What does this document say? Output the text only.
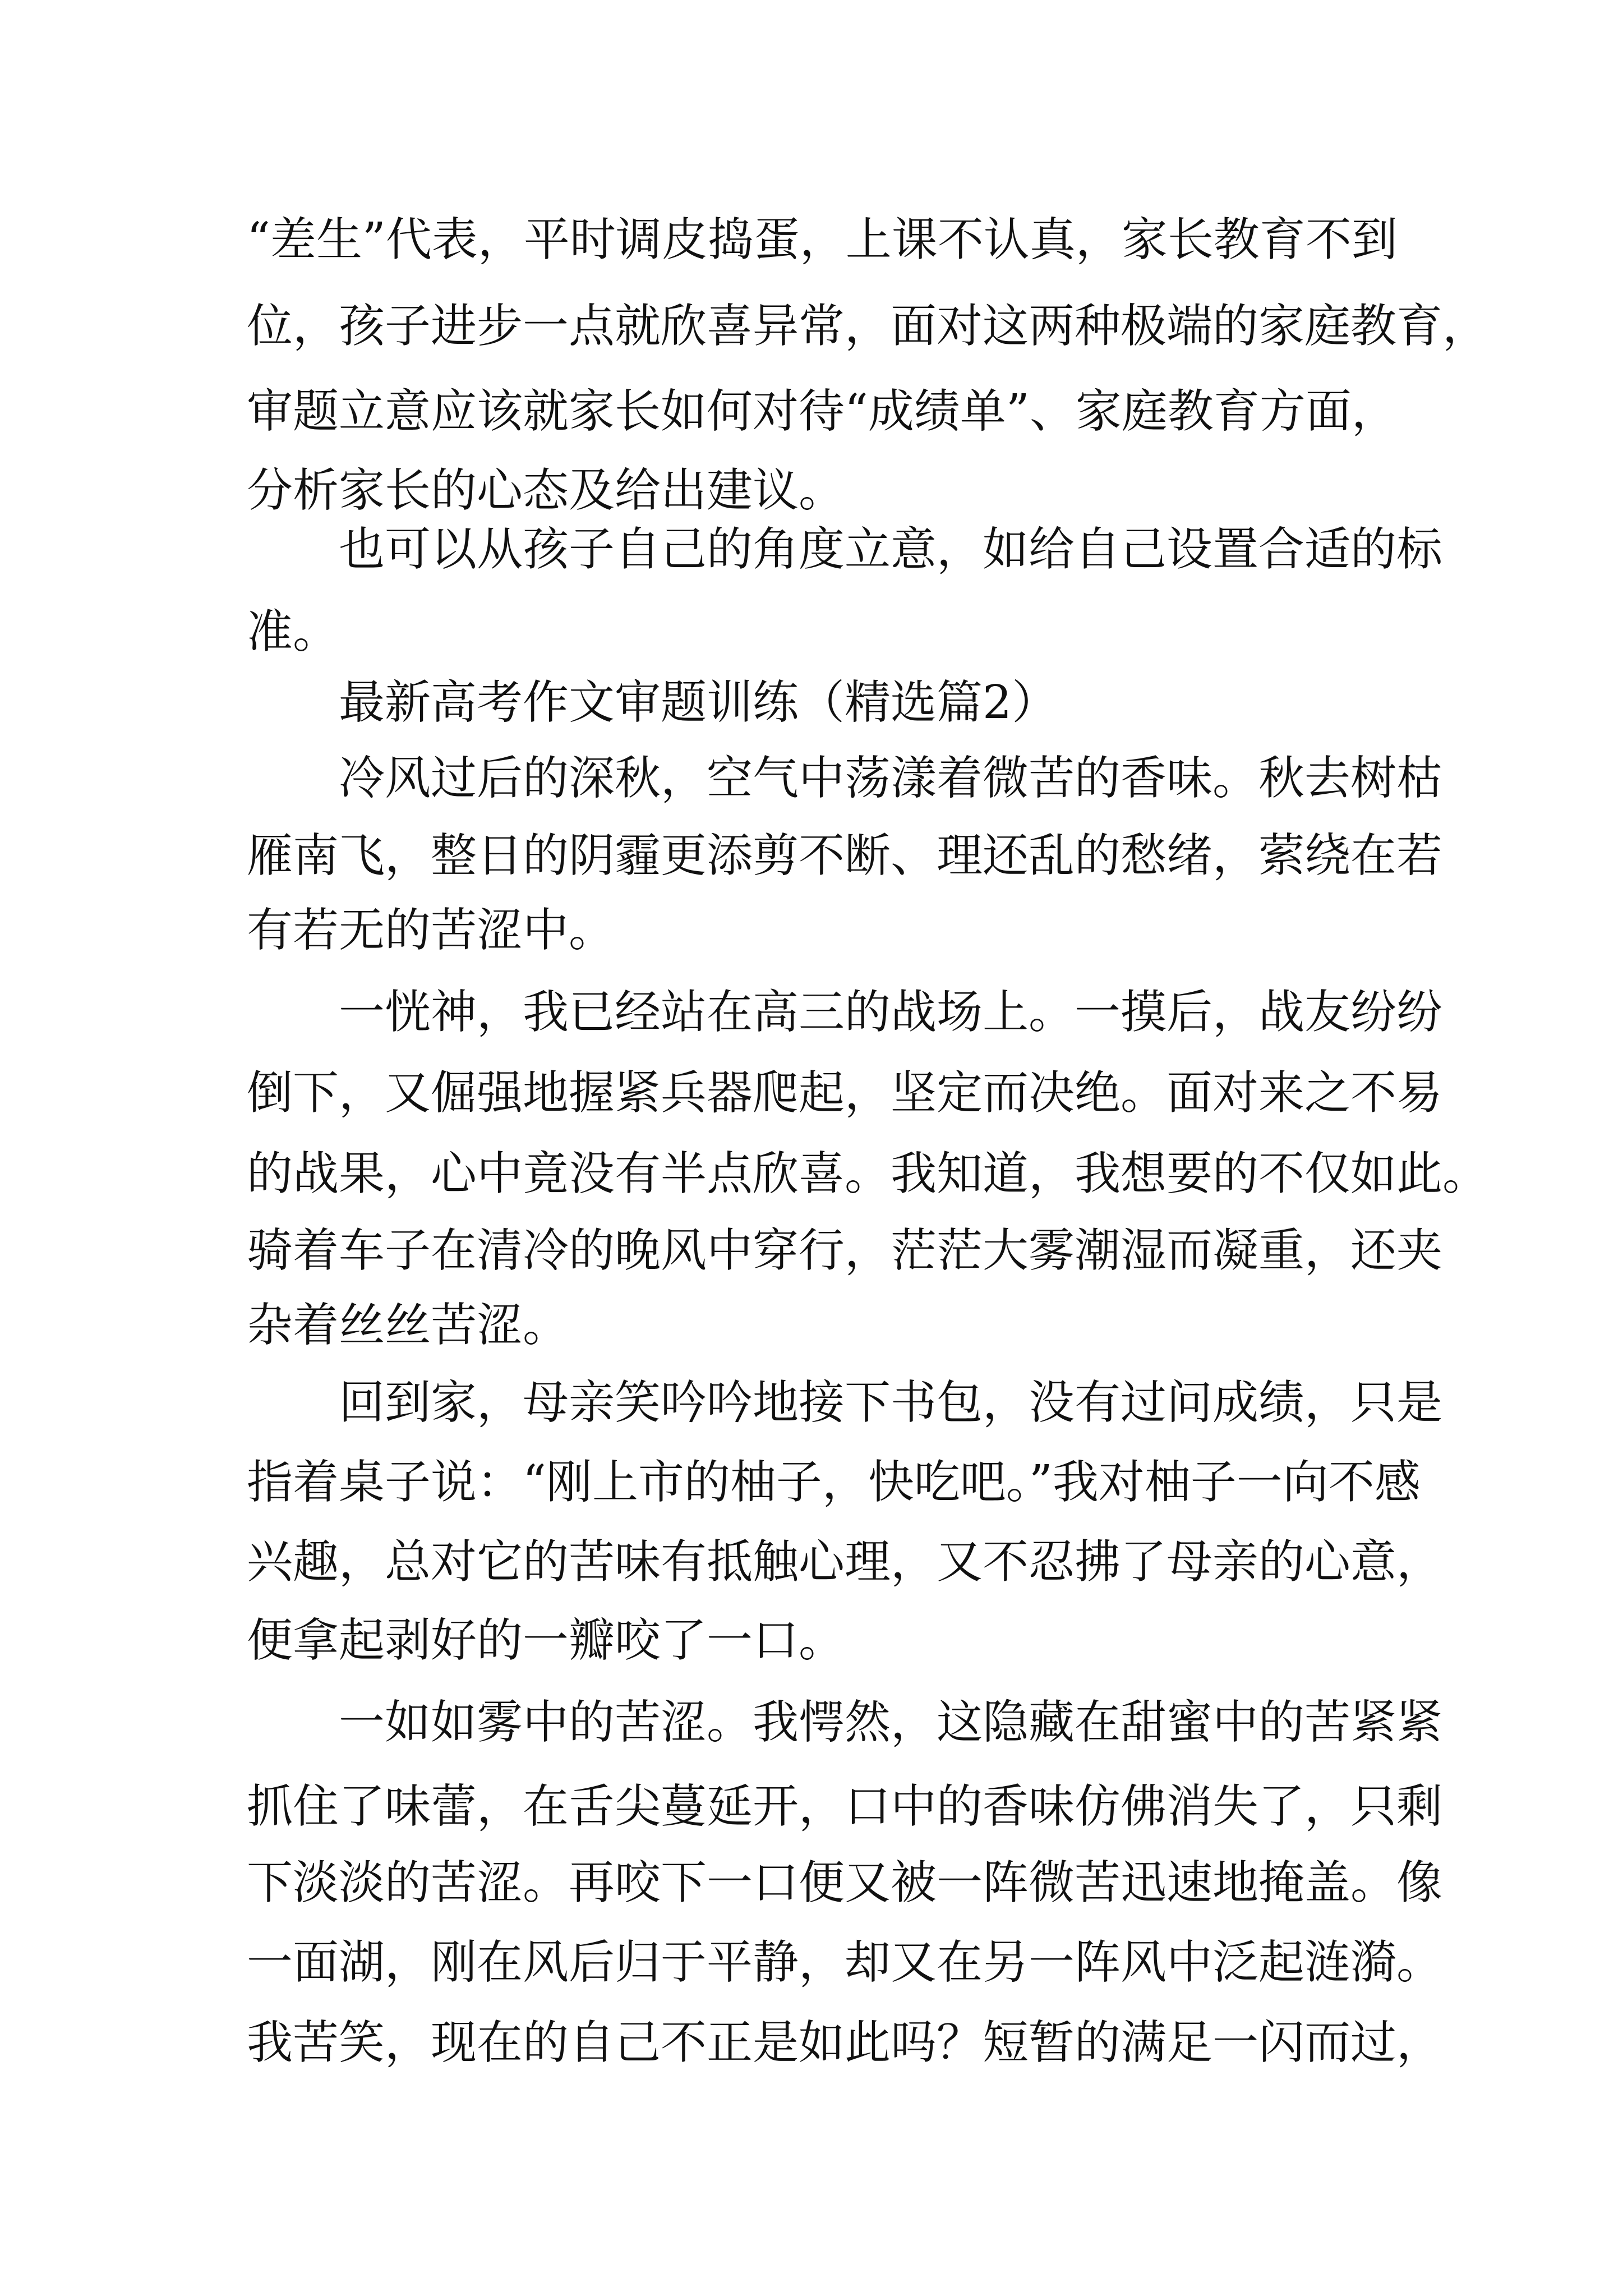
“差生”代表，平时调皮捣蛋，上课不认真，家长教育不到
位，孩子进步一点就欣喜异常，面对这两种极端的家庭教育，
审题立意应该就家长如何对待“成绩单”、家庭教育方面，
分析家长的心态及给出建议。
也可以从孩子自己的角度立意，如给自己设置合适的标
准。
最新高考作文审题训练（精选篇2）
冷风过后的深秋，空气中荡漾着微苦的香味。秋去树枯
雁南飞，整日的阴霾更添剪不断、理还乱的愁绪，萦绕在若
有若无的苦涩中。
一恍神，我已经站在高三的战场上。一摸后，战友纷纷
倒下，又倔强地握紧兵器爬起，坚定而决绝。面对来之不易
的战果，心中竟没有半点欣喜。我知道，我想要的不仅如此。
骑着车子在清冷的晚风中穿行，茫茫大雾潮湿而凝重，还夹
杂着丝丝苦涩。
回到家，母亲笑吟吟地接下书包，没有过问成绩，只是
指着桌子说：“刚上市的柚子，快吃吧。”我对柚子一向不感
兴趣，总对它的苦味有抵触心理，又不忍拂了母亲的心意，
便拿起剥好的一瓣咬了一口。
一如如雾中的苦涩。我愕然，这隐藏在甜蜜中的苦紧紧
抓住了味蕾，在舌尖蔓延开，口中的香味仿佛消失了，只剩
下淡淡的苦涩。再咬下一口便又被一阵微苦迅速地掩盖。像
一面湖，刚在风后归于平静，却又在另一阵风中泛起涟漪。
我苦笑，现在的自己不正是如此吗？短暂的满足一闪而过，
